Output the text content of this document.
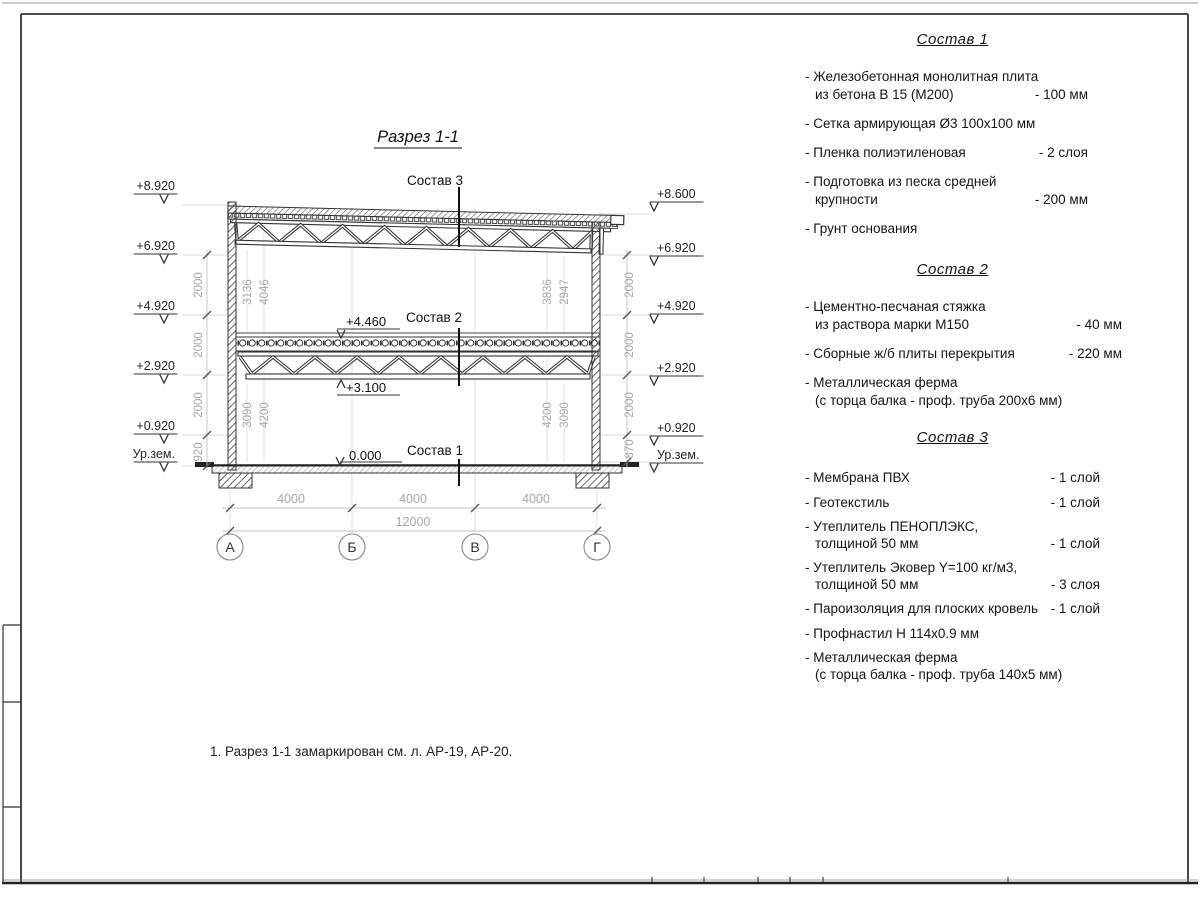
2000
2000
2000
920
2000
2000
2000
870
3136 4046	3836 2947
3090 4200	4200 3090
+8.920
+6.920
+4.920
+2.920
+0.920
Ур.зем.
+8.600
+6.920
+4.920
+2.920
+0.920
Ур.зем.
+4.460
+3.100
0.000
Состав 3
Состав 2
Состав 1
4000	4000	4000
12000
А	Б	В	Г
Разрез 1-1
Состав 1
- Железобетонная монолитная плита
из бетона В 15 (М200)	- 100 мм
- Сетка армирующая Ø3 100х100 мм
- Пленка полиэтиленовая	- 2 слоя
- Подготовка из песка средней
крупности	- 200 мм
- Грунт основания
Состав 2
- Цементно-песчаная стяжка
из раствора марки М150	- 40 мм
- Сборные ж/б плиты перекрытия	- 220 мм
- Металлическая ферма
(с торца балка - проф. труба 200х6 мм)
Состав 3
- Мембрана ПВХ	- 1 слой
- Геотекстиль	- 1 слой
- Утеплитель ПЕНОПЛЭКС,
толщиной 50 мм	- 1 слой
- Утеплитель Эковер Y=100 кг/м3,
толщиной 50 мм	- 3 слоя
- Пароизоляция для плоских кровель - 1 слой
- Профнастил Н 114х0.9 мм
- Металлическая ферма
(с торца балка - проф. труба 140х5 мм)
1. Разрез 1-1 замаркирован см. л. АР-19, АР-20.
